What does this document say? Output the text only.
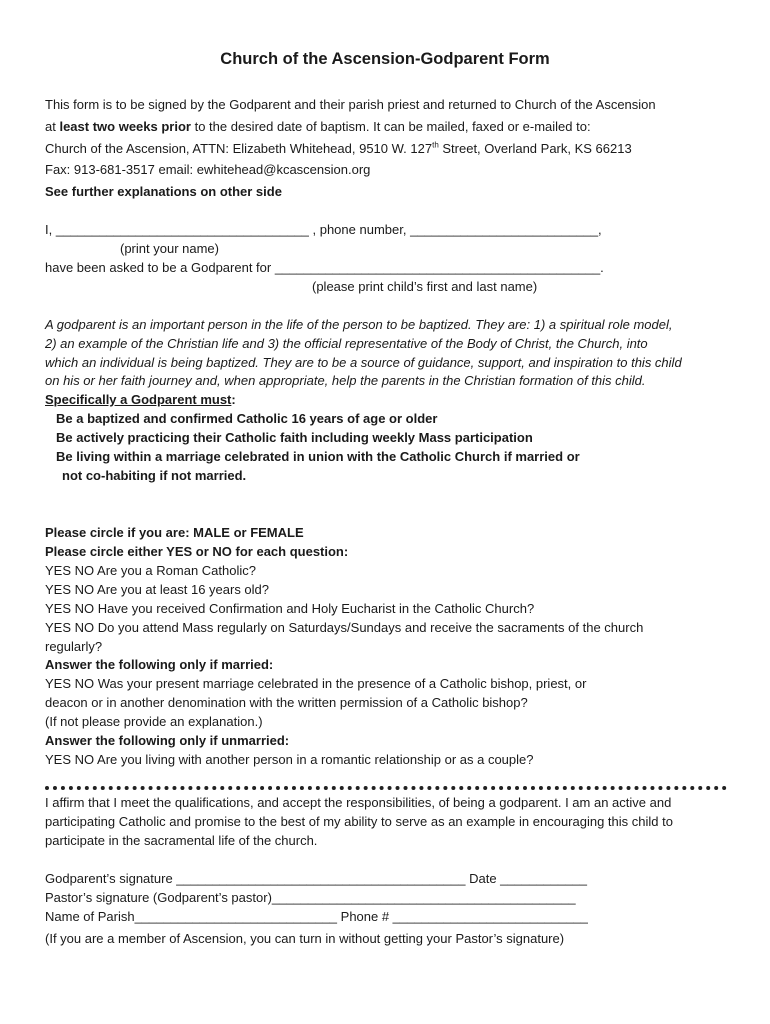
Church of the Ascension-Godparent Form
This form is to be signed by the Godparent and their parish priest and returned to Church of the Ascension
at least two weeks prior to the desired date of baptism. It can be mailed, faxed or e-mailed to:
Church of the Ascension, ATTN: Elizabeth Whitehead, 9510 W. 127th Street, Overland Park, KS 66213
Fax: 913-681-3517 email: ewhitehead@kcascension.org
See further explanations on other side
I, ___________________________________ , phone number, __________________________,
(print your name)
have been asked to be a Godparent for _____________________________________________.
(please print child’s first and last name)
A godparent is an important person in the life of the person to be baptized. They are: 1) a spiritual role model,
2) an example of the Christian life and 3) the official representative of the Body of Christ, the Church, into
which an individual is being baptized. They are to be a source of guidance, support, and inspiration to this child
on his or her faith journey and, when appropriate, help the parents in the Christian formation of this child.
Specifically a Godparent must:
Be a baptized and confirmed Catholic 16 years of age or older
Be actively practicing their Catholic faith including weekly Mass participation
Be living within a marriage celebrated in union with the Catholic Church if married or
not co-habiting if not married.
Please circle if you are: MALE or FEMALE
Please circle either YES or NO for each question:
YES NO Are you a Roman Catholic?
YES NO Are you at least 16 years old?
YES NO Have you received Confirmation and Holy Eucharist in the Catholic Church?
YES NO Do you attend Mass regularly on Saturdays/Sundays and receive the sacraments of the church
regularly?
Answer the following only if married:
YES NO Was your present marriage celebrated in the presence of a Catholic bishop, priest, or
deacon or in another denomination with the written permission of a Catholic bishop?
(If not please provide an explanation.)
Answer the following only if unmarried:
YES NO Are you living with another person in a romantic relationship or as a couple?
I affirm that I meet the qualifications, and accept the responsibilities, of being a godparent. I am an active and
participating Catholic and promise to the best of my ability to serve as an example in encouraging this child to
participate in the sacramental life of the church.
Godparent’s signature ________________________________________ Date ____________
Pastor’s signature (Godparent’s pastor)__________________________________________
Name of Parish____________________________ Phone # ___________________________
(If you are a member of Ascension, you can turn in without getting your Pastor’s signature)
